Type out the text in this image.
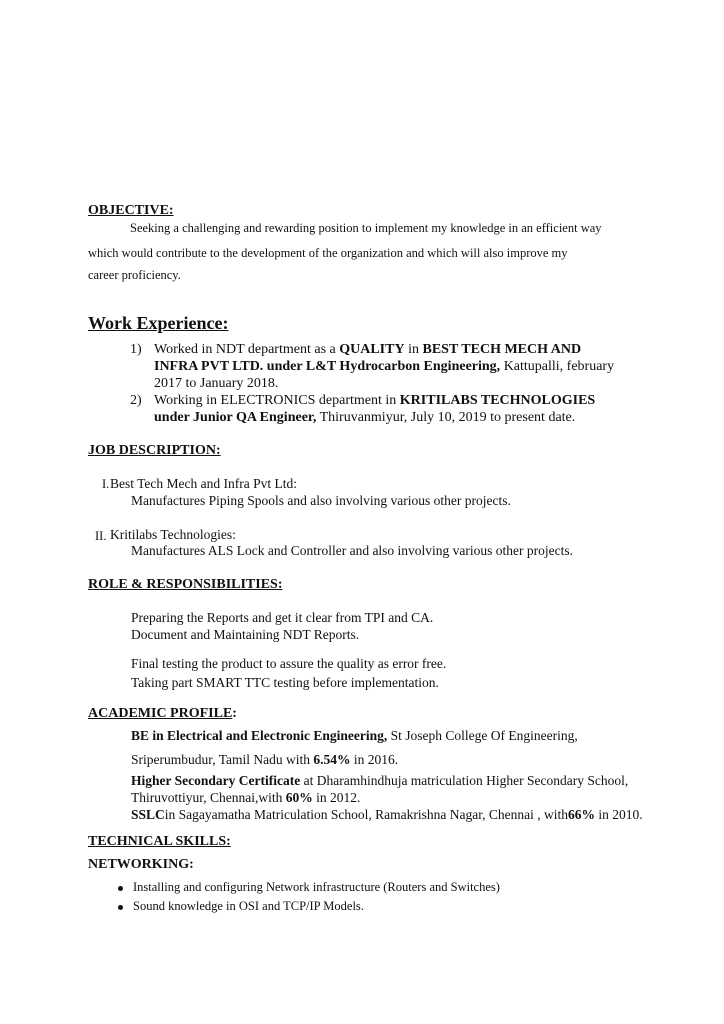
OBJECTIVE:
Seeking a challenging and rewarding position to implement my knowledge in an efficient way
which would contribute to the development of the organization and which will also improve my
career proficiency.
Work Experience:
1) Worked in NDT department as a QUALITY in BEST TECH MECH AND
INFRA PVT LTD. under L&T Hydrocarbon Engineering, Kattupalli, february
2017 to January 2018.
2) Working in ELECTRONICS department in KRITILABS TECHNOLOGIES
under Junior QA Engineer, Thiruvanmiyur, July 10, 2019 to present date.
JOB DESCRIPTION:
I. Best Tech Mech and Infra Pvt Ltd:
Manufactures Piping Spools and also involving various other projects.
II. Kritilabs Technologies:
Manufactures ALS Lock and Controller and also involving various other projects.
ROLE & RESPONSIBILITIES:
Preparing the Reports and get it clear from TPI and CA.
Document and Maintaining NDT Reports.
Final testing the product to assure the quality as error free.
Taking part SMART TTC testing before implementation.
ACADEMIC PROFILE:
BE in Electrical and Electronic Engineering, St Joseph College Of Engineering,
Sriperumbudur, Tamil Nadu with 6.54% in 2016.
Higher Secondary Certificate at Dharamhindhuja matriculation Higher Secondary School,
Thiruvottiyur, Chennai,with 60% in 2012.
SSLCin Sagayamatha Matriculation School, Ramakrishna Nagar, Chennai , with66% in 2010.
TECHNICAL SKILLS:
NETWORKING:
Installing and configuring Network infrastructure (Routers and Switches)
Sound knowledge in OSI and TCP/IP Models.
